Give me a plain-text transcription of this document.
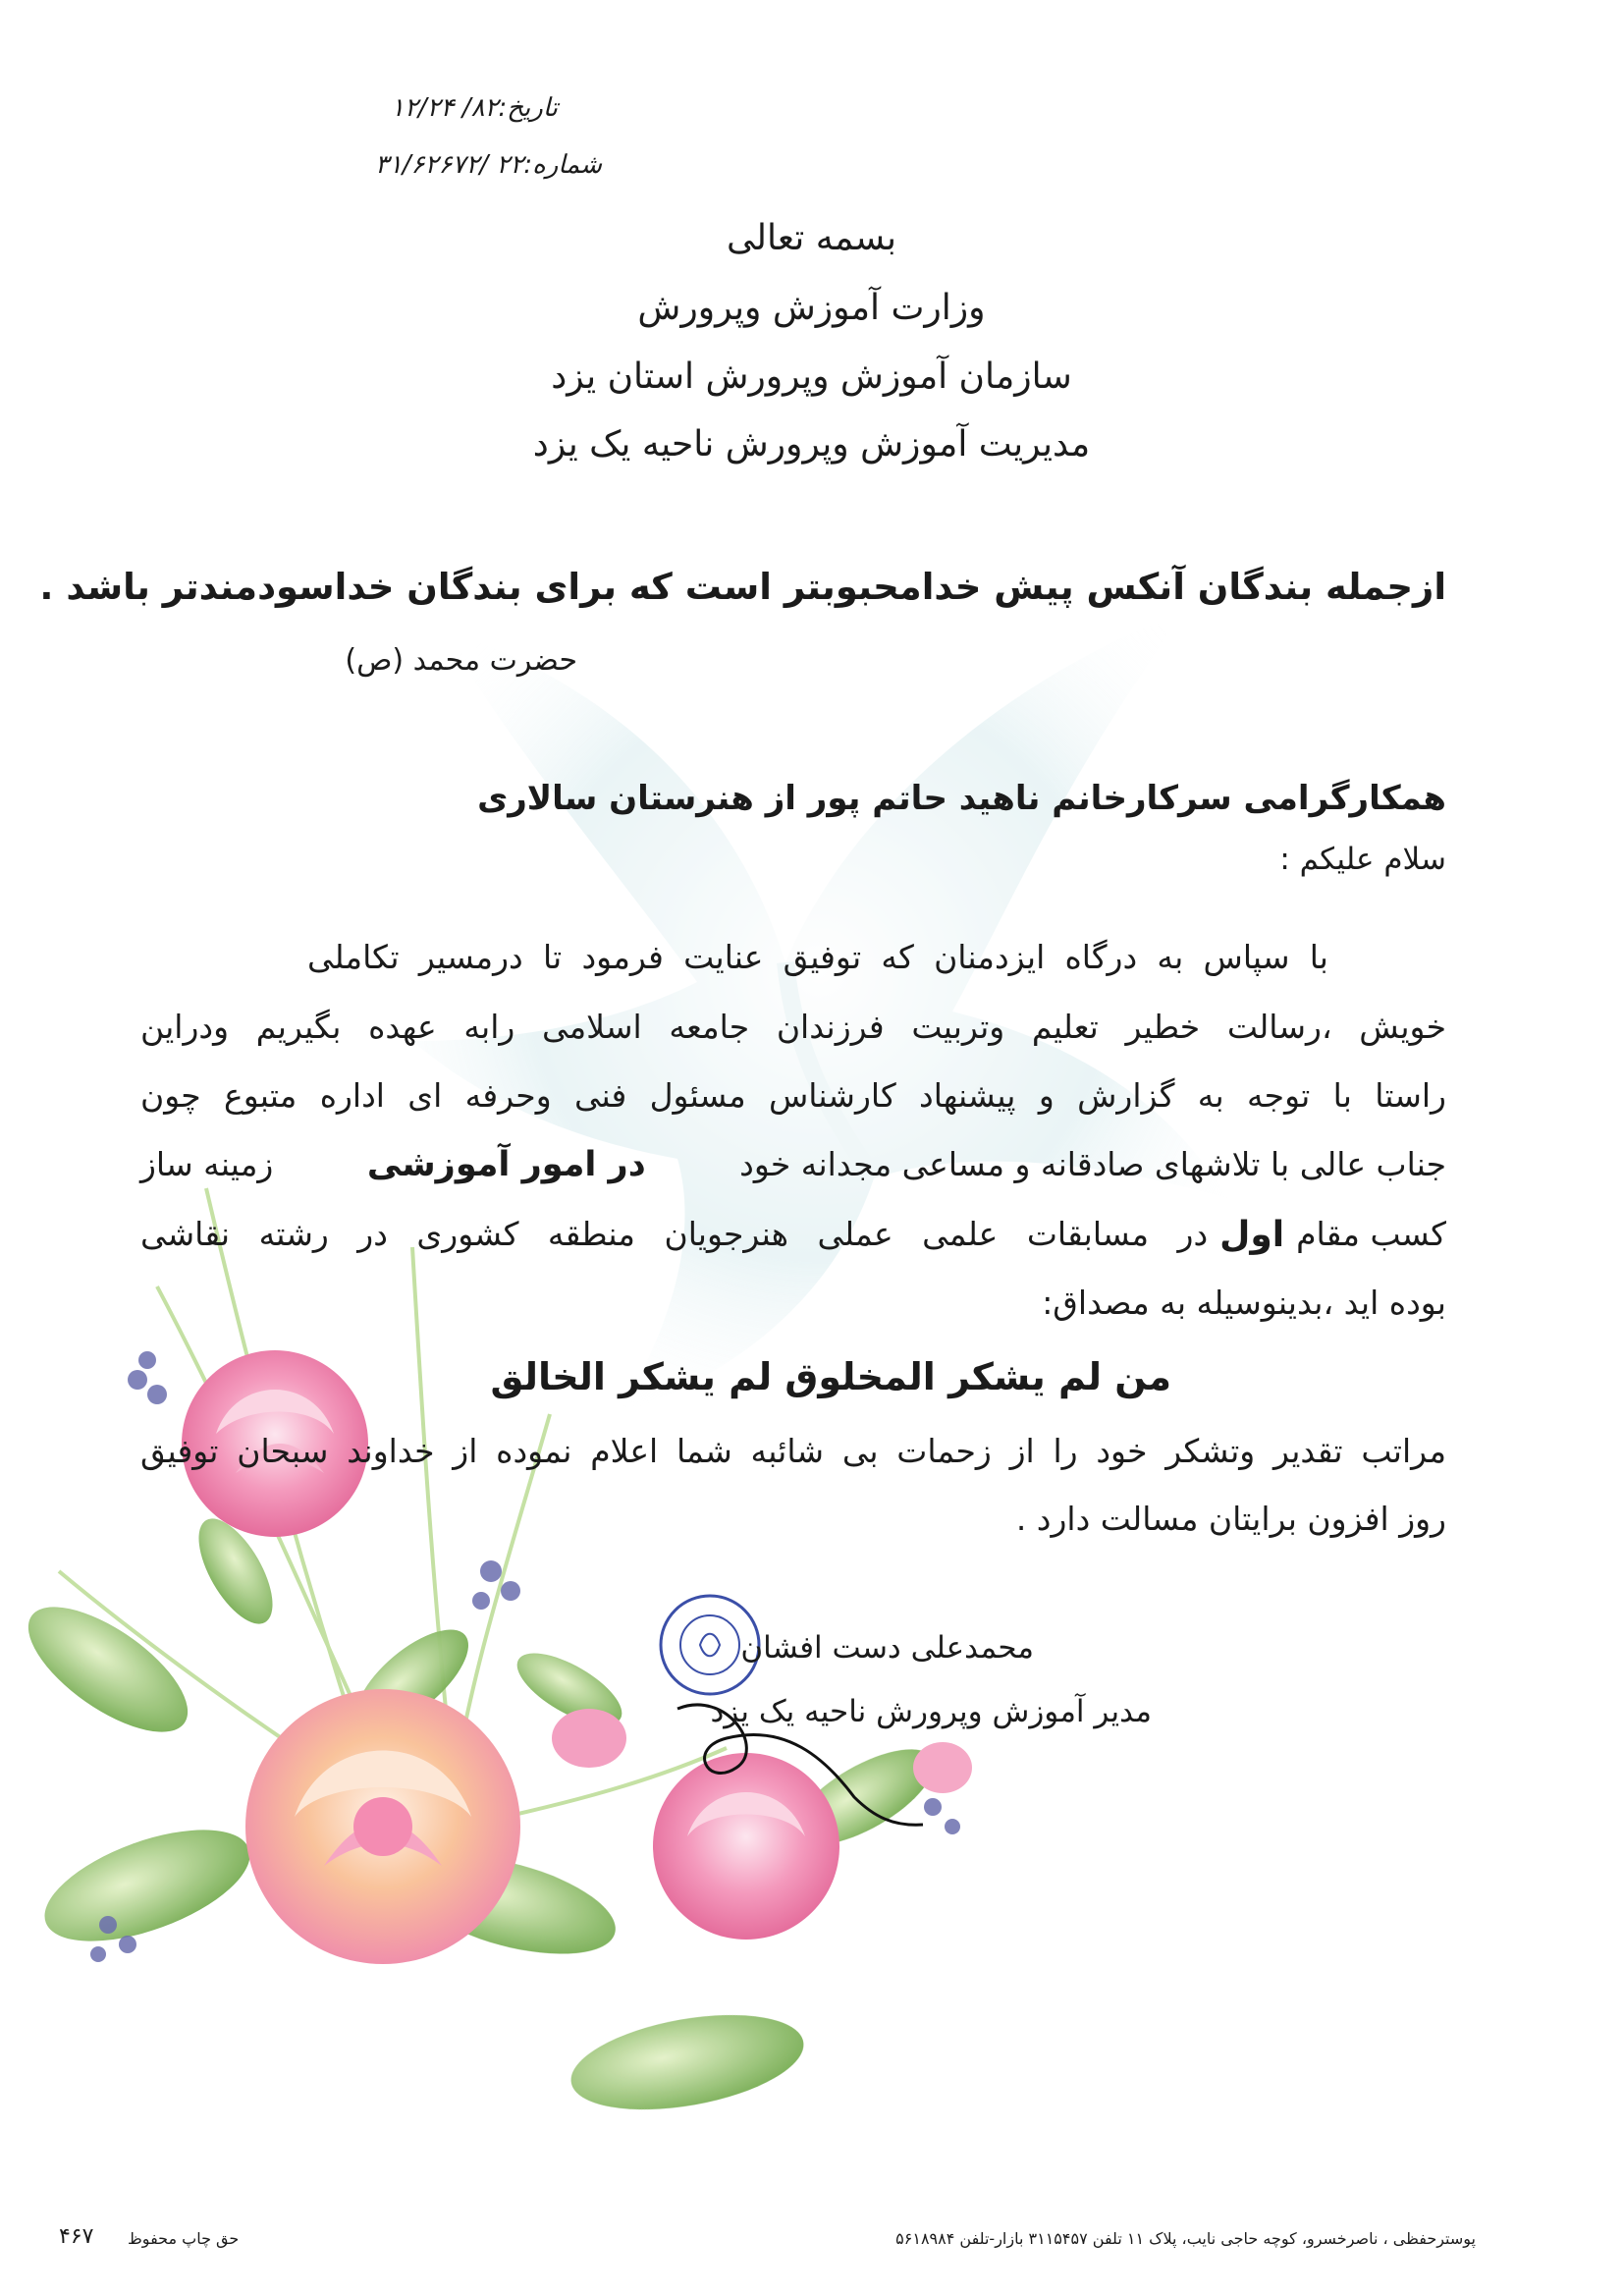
تاریخ:۸۲/ ۱۲/۲۴
شماره:۲۲ /۳۱/۶۲۶۷۲
بسمه تعالی
وزارت آموزش وپرورش
سازمان آموزش وپرورش استان یزد
مدیریت آموزش وپرورش ناحیه یک یزد
ازجمله بندگان آنکس پیش خدامحبوبتر است که برای بندگان خداسودمندتر باشد .
حضرت محمد (ص)
همکارگرامی سرکارخانم ناهید حاتم پور از هنرستان سالاری
سلام علیکم :
با سپاس به درگاه ایزدمنان که توفیق عنایت فرمود تا درمسیر تکاملی
خویش ،رسالت خطیر تعلیم وتربیت فرزندان جامعه اسلامی رابه عهده بگیریم ودراین
راستا با توجه به گزارش و پیشنهاد کارشناس مسئول فنی وحرفه ای اداره متبوع چون
جناب عالی با تلاشهای صادقانه و مساعی مجدانه خود
در امور آموزشی
زمینه ساز
کسب مقام
اول
در مسابقات علمی عملی هنرجویان منطقه کشوری در رشته نقاشی
بوده اید ،بدینوسیله به مصداق:
من لم یشکر المخلوق لم یشکر الخالق
مراتب تقدیر وتشکر خود را از زحمات بی شائبه شما اعلام نموده از خداوند سبحان توفیق
روز افزون برایتان مسالت دارد .
محمدعلی دست افشان
مدیر آموزش وپرورش ناحیه یک یزد
۴۶۷ حق چاپ محفوظ	پوسترحفظی ، ناصرخسرو، کوچه حاجی نایب، پلاک ۱۱ تلفن ۳۱۱۵۴۵۷ بازار-تلفن ۵۶۱۸۹۸۴
